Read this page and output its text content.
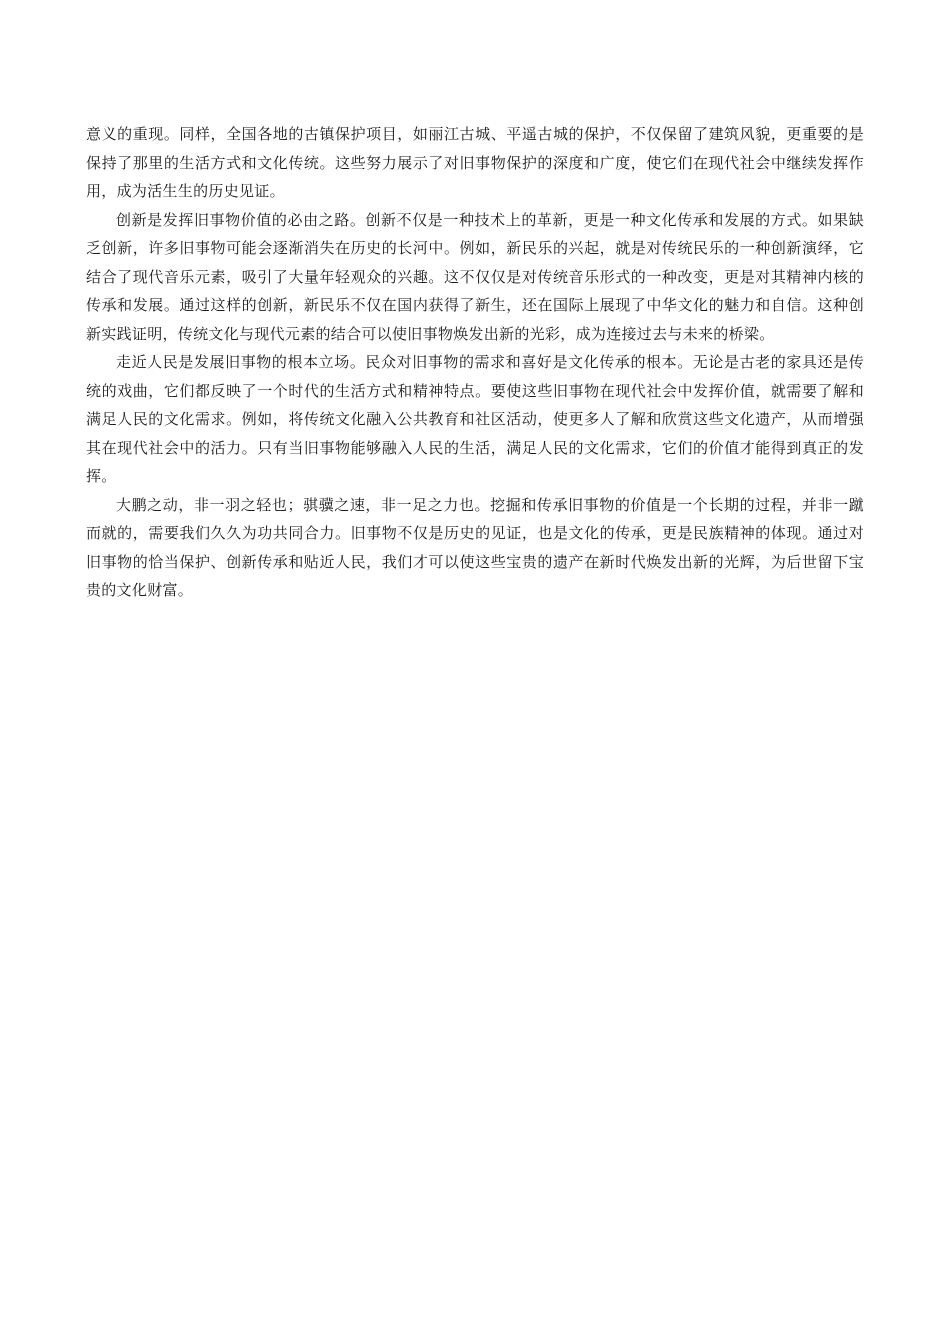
意义的重现。同样，全国各地的古镇保护项目，如丽江古城、平遥古城的保护，不仅保留了建筑风貌，更重要的是保持了那里的生活方式和文化传统。这些努力展示了对旧事物保护的深度和广度，使它们在现代社会中继续发挥作用，成为活生生的历史见证。

创新是发挥旧事物价值的必由之路。创新不仅是一种技术上的革新，更是一种文化传承和发展的方式。如果缺乏创新，许多旧事物可能会逐渐消失在历史的长河中。例如，新民乐的兴起，就是对传统民乐的一种创新演绎，它结合了现代音乐元素，吸引了大量年轻观众的兴趣。这不仅仅是对传统音乐形式的一种改变，更是对其精神内核的传承和发展。通过这样的创新，新民乐不仅在国内获得了新生，还在国际上展现了中华文化的魅力和自信。这种创新实践证明，传统文化与现代元素的结合可以使旧事物焕发出新的光彩，成为连接过去与未来的桥梁。

走近人民是发展旧事物的根本立场。民众对旧事物的需求和喜好是文化传承的根本。无论是古老的家具还是传统的戏曲，它们都反映了一个时代的生活方式和精神特点。要使这些旧事物在现代社会中发挥价值，就需要了解和满足人民的文化需求。例如，将传统文化融入公共教育和社区活动，使更多人了解和欣赏这些文化遗产，从而增强其在现代社会中的活力。只有当旧事物能够融入人民的生活，满足人民的文化需求，它们的价值才能得到真正的发挥。

大鹏之动，非一羽之轻也；骐骥之速，非一足之力也。挖掘和传承旧事物的价值是一个长期的过程，并非一蹴而就的，需要我们久久为功共同合力。旧事物不仅是历史的见证，也是文化的传承，更是民族精神的体现。通过对旧事物的恰当保护、创新传承和贴近人民，我们才可以使这些宝贵的遗产在新时代焕发出新的光辉，为后世留下宝贵的文化财富。
